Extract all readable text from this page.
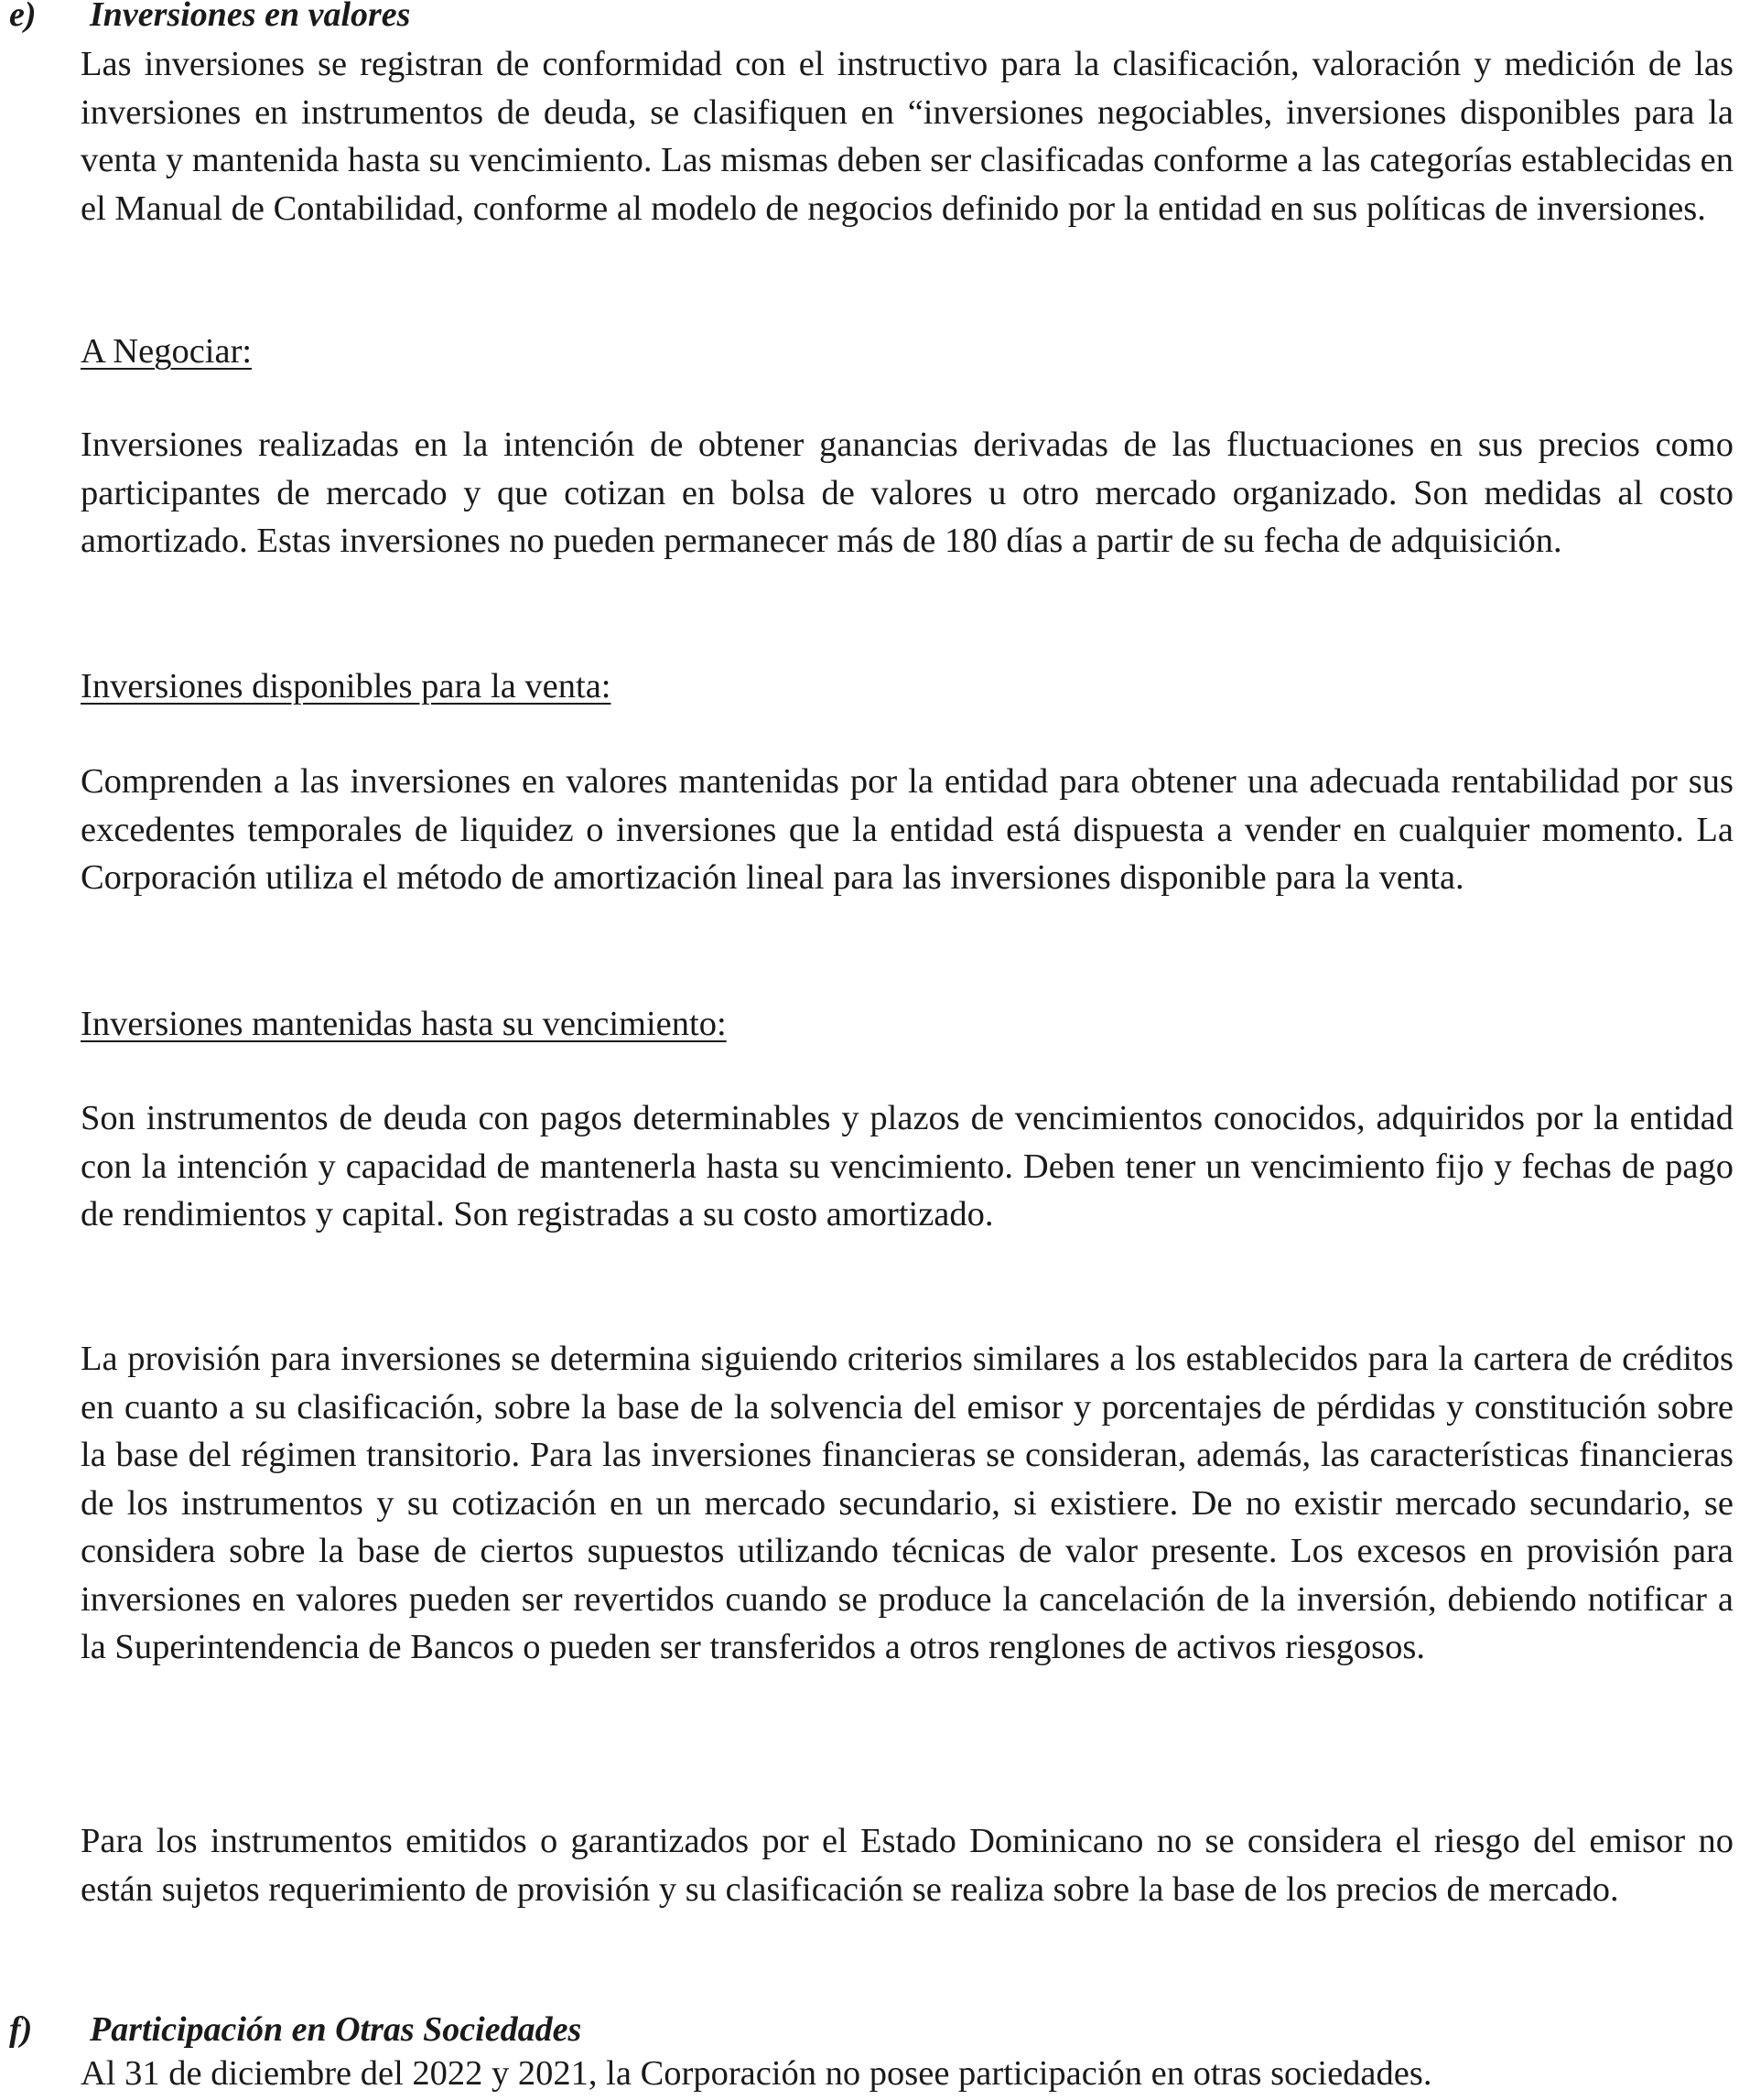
e) Inversiones en valores

Las inversiones se registran de conformidad con el instructivo para la clasificación, valoración y medición de las inversiones en instrumentos de deuda, se clasifiquen en “inversiones negociables, inversiones disponibles para la venta y mantenida hasta su vencimiento. Las mismas deben ser clasificadas conforme a las categorías establecidas en el Manual de Contabilidad, conforme al modelo de negocios definido por la entidad en sus políticas de inversiones.

A Negociar:

Inversiones realizadas en la intención de obtener ganancias derivadas de las fluctuaciones en sus precios como participantes de mercado y que cotizan en bolsa de valores u otro mercado organizado. Son medidas al costo amortizado. Estas inversiones no pueden permanecer más de 180 días a partir de su fecha de adquisición.

Inversiones disponibles para la venta:

Comprenden a las inversiones en valores mantenidas por la entidad para obtener una adecuada rentabilidad por sus excedentes temporales de liquidez o inversiones que la entidad está dispuesta a vender en cualquier momento. La Corporación utiliza el método de amortización lineal para las inversiones disponible para la venta.

Inversiones mantenidas hasta su vencimiento:

Son instrumentos de deuda con pagos determinables y plazos de vencimientos conocidos, adquiridos por la entidad con la intención y capacidad de mantenerla hasta su vencimiento. Deben tener un vencimiento fijo y fechas de pago de rendimientos y capital. Son registradas a su costo amortizado.

La provisión para inversiones se determina siguiendo criterios similares a los establecidos para la cartera de créditos en cuanto a su clasificación, sobre la base de la solvencia del emisor y porcentajes de pérdidas y constitución sobre la base del régimen transitorio. Para las inversiones financieras se consideran, además, las características financieras de los instrumentos y su cotización en un mercado secundario, si existiere. De no existir mercado secundario, se considera sobre la base de ciertos supuestos utilizando técnicas de valor presente. Los excesos en provisión para inversiones en valores pueden ser revertidos cuando se produce la cancelación de la inversión, debiendo notificar a la Superintendencia de Bancos o pueden ser transferidos a otros renglones de activos riesgosos.

Para los instrumentos emitidos o garantizados por el Estado Dominicano no se considera el riesgo del emisor no están sujetos requerimiento de provisión y su clasificación se realiza sobre la base de los precios de mercado.

f) Participación en Otras Sociedades

Al 31 de diciembre del 2022 y 2021, la Corporación no posee participación en otras sociedades.
